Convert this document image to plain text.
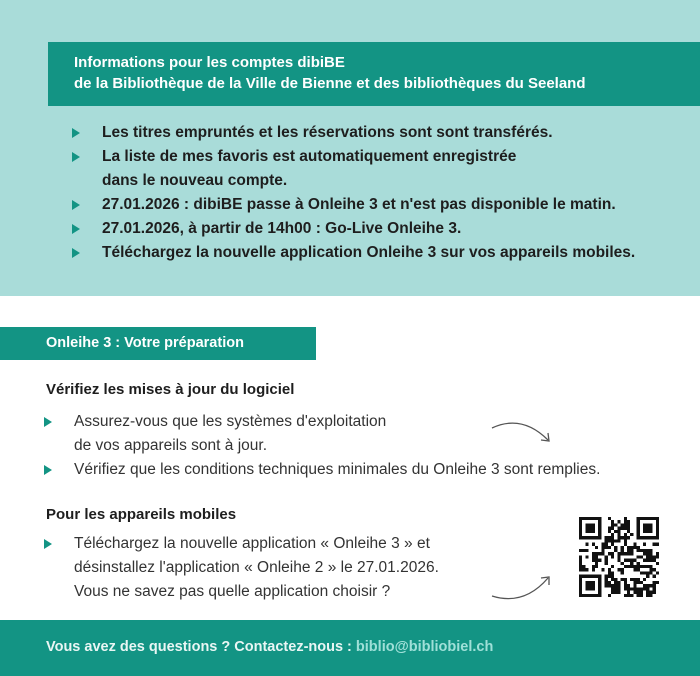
Informations pour les comptes dibiBE
de la Bibliothèque de la Ville de Bienne et des bibliothèques du Seeland
Les titres empruntés et les réservations sont sont transférés.
La liste de mes favoris est automatiquement enregistrée
dans le nouveau compte.
27.01.2026 : dibiBE passe à Onleihe 3 et n'est pas disponible le matin.
27.01.2026, à partir de 14h00 : Go-Live Onleihe 3.
Téléchargez la nouvelle application Onleihe 3 sur vos appareils mobiles.
Onleihe 3 : Votre préparation
Vérifiez les mises à jour du logiciel
Assurez-vous que les systèmes d'exploitation
de vos appareils sont à jour.
Vérifiez que les conditions techniques minimales du Onleihe 3 sont remplies.
Pour les appareils mobiles
Téléchargez la nouvelle application « Onleihe 3 » et
désinstallez l'application « Onleihe 2 » le 27.01.2026.
Vous ne savez pas quelle application choisir ?
Vous avez des questions ? Contactez-nous : biblio@bibliobiel.ch
